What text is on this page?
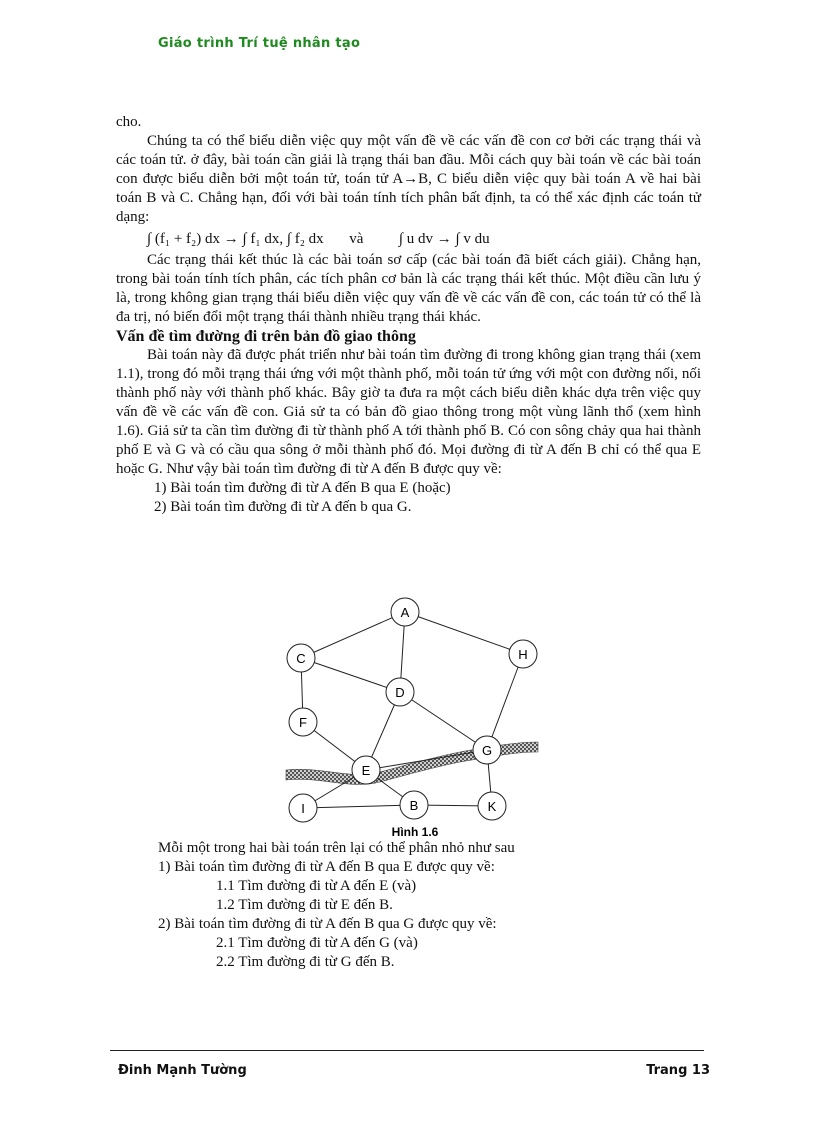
Giáo trình Trí tuệ nhân tạo

cho.

Chúng ta có thể biểu diễn việc quy một vấn đề về các vấn đề con cơ bởi các trạng thái và các toán tử. ở đây, bài toán cần giải là trạng thái ban đầu. Mỗi cách quy bài toán về các bài toán con được biểu diễn bởi một toán tử, toán tử A→B, C biểu diễn việc quy bài toán A về hai bài toán B và C. Chẳng hạn, đối với bài toán tính tích phân bất định, ta có thể xác định các toán tử dạng:

∫ (f₁ + f₂) dx → ∫ f₁ dx, ∫ f₂ dx và ∫ u dv → ∫ v du

Các trạng thái kết thúc là các bài toán sơ cấp (các bài toán đã biết cách giải). Chẳng hạn, trong bài toán tính tích phân, các tích phân cơ bản là các trạng thái kết thúc. Một điều cần lưu ý là, trong không gian trạng thái biểu diễn việc quy vấn đề về các vấn đề con, các toán tử có thể là đa trị, nó biến đổi một trạng thái thành nhiều trạng thái khác.

Vấn đề tìm đường đi trên bản đồ giao thông

Bài toán này đã được phát triển như bài toán tìm đường đi trong không gian trạng thái (xem 1.1), trong đó mỗi trạng thái ứng với một thành phố, mỗi toán tử ứng với một con đường nối, nối thành phố này với thành phố khác. Bây giờ ta đưa ra một cách biểu diễn khác dựa trên việc quy vấn đề về các vấn đề con. Giả sử ta có bản đồ giao thông trong một vùng lãnh thổ (xem hình 1.6). Giả sử ta cần tìm đường đi từ thành phố A tới thành phố B. Có con sông chảy qua hai thành phố E và G và có cầu qua sông ở mỗi thành phố đó. Mọi đường đi từ A đến B chỉ có thể qua E hoặc G. Như vậy bài toán tìm đường đi từ A đến B được quy về:

1) Bài toán tìm đường đi từ A đến B qua E (hoặc)

2) Bài toán tìm đường đi từ A đến b qua G.

A
C	H
D
F
G
E
I	B	K
Hình 1.6

Mỗi một trong hai bài toán trên lại có thể phân nhỏ như sau

1) Bài toán tìm đường đi từ A đến B qua E được quy về:

1.1 Tìm đường đi từ A đến E (và)

1.2 Tìm đường đi từ E đến B.

2) Bài toán tìm đường đi từ A đến B qua G được quy về:

2.1 Tìm đường đi từ A đến G (và)

2.2 Tìm đường đi từ G đến B.

Đinh Mạnh Tường	Trang 13
